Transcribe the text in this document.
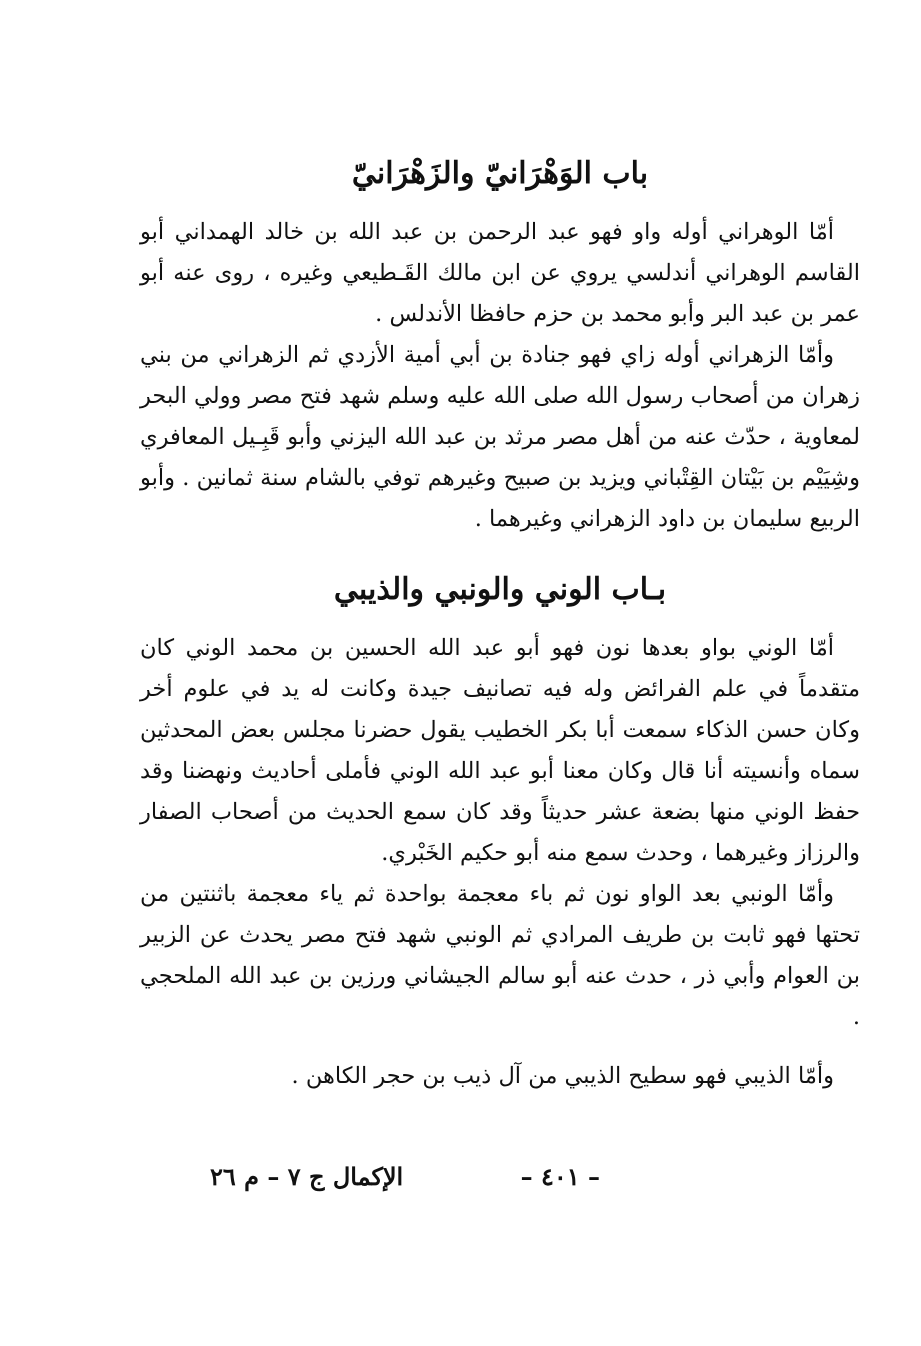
باب الوَهْرَانيّ والزَهْرَانيّ

أمّا الوهراني أوله واو فهو عبد الرحمن بن عبد الله بن خالد الهمداني أبو القاسم الوهراني أندلسي يروي عن ابن مالك القَـطيعي وغيره ، روى عنه أبو عمر بن عبد البر وأبو محمد بن حزم حافظا الأندلس .

وأمّا الزهراني أوله زاي فهو جنادة بن أبي أمية الأزدي ثم الزهراني من بني زهران من أصحاب رسول الله صلى الله عليه وسلم شهد فتح مصر وولي البحر لمعاوية ، حدّث عنه من أهل مصر مرثد بن عبد الله اليزني وأبو قَبِـيل المعافري وشِيَيْم بن بَيْتان القِتْباني ويزيد بن صبيح وغيرهم توفي بالشام سنة ثمانين . وأبو الربيع سليمان بن داود الزهراني وغيرهما .

بـاب الوني والونبي والذيبي

أمّا الوني بواو بعدها نون فهو أبو عبد الله الحسين بن محمد الوني كان متقدماً في علم الفرائض وله فيه تصانيف جيدة وكانت له يد في علوم أخر وكان حسن الذكاء سمعت أبا بكر الخطيب يقول حضرنا مجلس بعض المحدثين سماه وأنسيته أنا قال وكان معنا أبو عبد الله الوني فأملى أحاديث ونهضنا وقد حفظ الوني منها بضعة عشر حديثاً وقد كان سمع الحديث من أصحاب الصفار والرزاز وغيرهما ، وحدث سمع منه أبو حكيم الخَبْري.

وأمّا الونبي بعد الواو نون ثم باء معجمة بواحدة ثم ياء معجمة باثنتين من تحتها فهو ثابت بن طريف المرادي ثم الونبي شهد فتح مصر يحدث عن الزبير بن العوام وأبي ذر ، حدث عنه أبو سالم الجيشاني ورزين بن عبد الله الملحجي .

وأمّا الذيبي فهو سطيح الذيبي من آل ذيب بن حجر الكاهن .

– ٤٠١ –
الإكمال ج ٧ – م ٢٦
